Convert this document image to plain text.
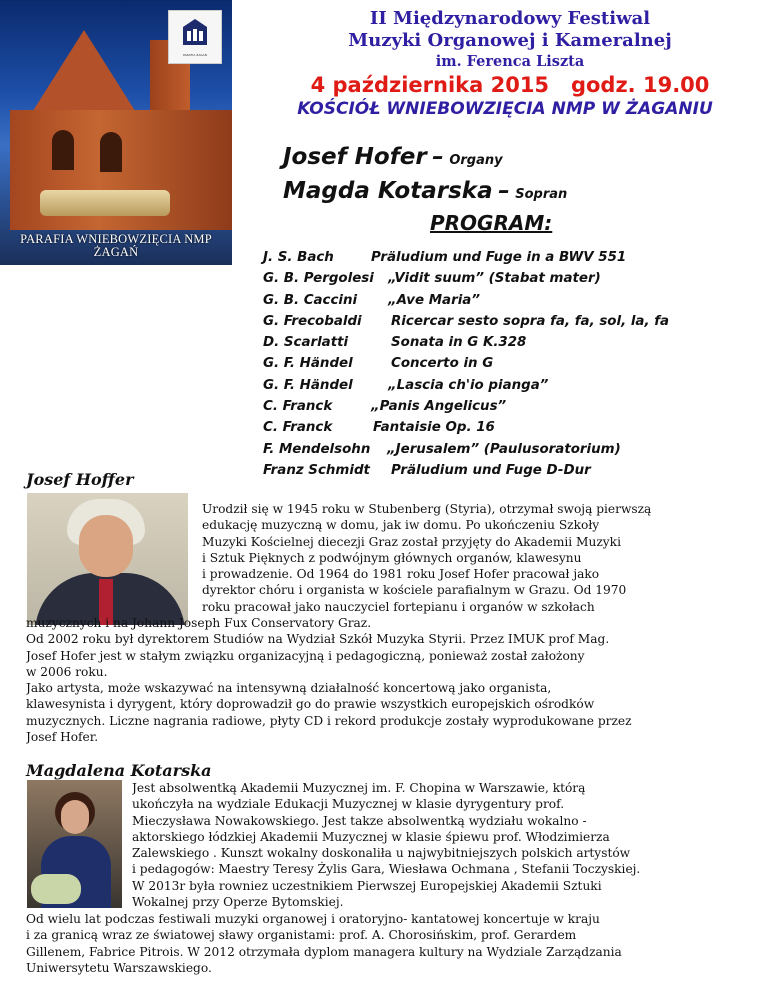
PARAFIA ŻAGAŃ
PARAFIA WNIEBOWZIĘCIA NMP
ŻAGAŃ
II Międzynarodowy Festiwal
Muzyki Organowej i Kameralnej
im. Ferenca Liszta
4 października 2015   godz. 19.00
KOŚCIÓŁ WNIEBOWZIĘCIA NMP W ŻAGANIU
Josef Hofer – Organy
Magda Kotarska – Sopran
PROGRAM:
J. S. Bach	Präludium und Fuge in a BWV 551
G. B. Pergolesi „Vidit suum” (Stabat mater)
G. B. Caccini „Ave Maria”
G. Frecobaldi Ricercar sesto sopra fa, fa, sol, la, fa
D. Scarlatti	Sonata in G K.328
G. F. Händel	Concerto in G
G. F. Händel	„Lascia ch'io pianga”
C. Franck	„Panis Angelicus”
C. Franck	Fantaisie Op. 16
F. Mendelsohn „Jerusalem” (Paulusoratorium)
Franz Schmidt Präludium und Fuge D-Dur
Josef Hoffer
Urodził się w 1945 roku w Stubenberg (Styria), otrzymał swoją pierwszą
edukację muzyczną w domu, jak iw domu. Po ukończeniu Szkoły
Muzyki Kościelnej diecezji Graz został przyjęty do Akademii Muzyki
i Sztuk Pięknych z podwójnym głównych organów, klawesynu
i prowadzenie. Od 1964 do 1981 roku Josef Hofer pracował jako
dyrektor chóru i organista w kościele parafialnym w Grazu. Od 1970
roku pracował jako nauczyciel fortepianu i organów w szkołach
muzycznych i na Johann Joseph Fux Conservatory Graz.
Od 2002 roku był dyrektorem Studiów na Wydział Szkół Muzyka Styrii. Przez IMUK prof Mag.
Josef Hofer jest w stałym związku organizacyjną i pedagogiczną, ponieważ został założony
w 2006 roku.
Jako artysta, może wskazywać na intensywną działalność koncertową jako organista,
klawesynista i dyrygent, który doprowadził go do prawie wszystkich europejskich ośrodków
muzycznych. Liczne nagrania radiowe, płyty CD i rekord produkcje zostały wyprodukowane przez
Josef Hofer.
Magdalena Kotarska
Jest absolwentką Akademii Muzycznej im. F. Chopina w Warszawie, którą
ukończyła na wydziale Edukacji Muzycznej w klasie dyrygentury prof.
Mieczysława Nowakowskiego. Jest takze absolwentką wydziału wokalno -
aktorskiego łódzkiej Akademii Muzycznej w klasie śpiewu prof. Włodzimierza
Zalewskiego . Kunszt wokalny doskonaliła u najwybitniejszych polskich artystów
i pedagogów: Maestry Teresy Żylis Gara, Wiesława Ochmana , Stefanii Toczyskiej.
W 2013r była rowniez uczestnikiem Pierwszej Europejskiej Akademii Sztuki
Wokalnej przy Operze Bytomskiej.
Od wielu lat podczas festiwali muzyki organowej i oratoryjno- kantatowej koncertuje w kraju
i za granicą wraz ze światowej sławy organistami: prof. A. Chorosińskim, prof. Gerardem
Gillenem, Fabrice Pitrois. W 2012 otrzymała dyplom managera kultury na Wydziale Zarządzania
Uniwersytetu Warszawskiego.
